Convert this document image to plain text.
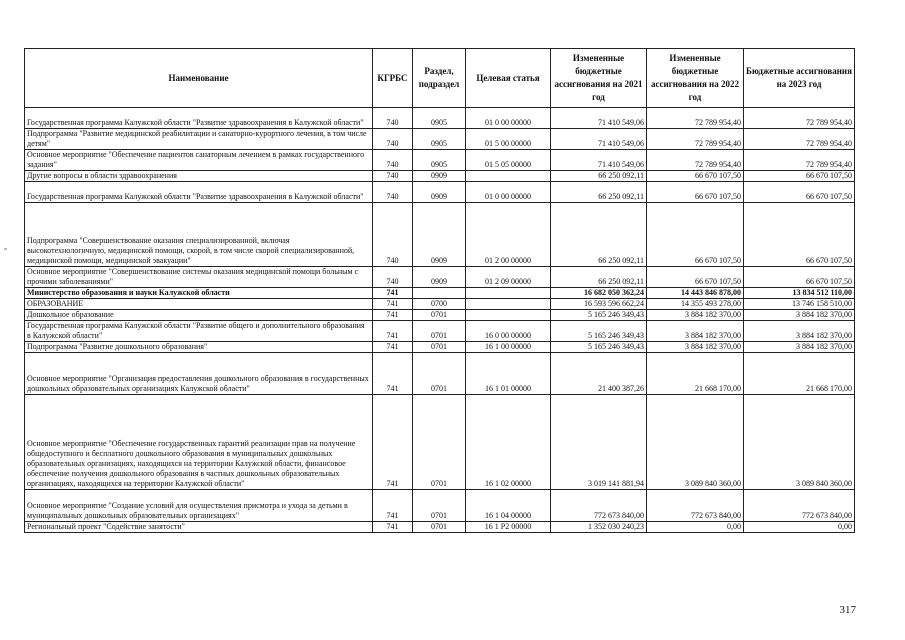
Наименование	КГРБС	Раздел, подраздел	Целевая статья	Измененные бюджетные ассигнования на 2021 год	Измененные бюджетные ассигнования на 2022 год	Бюджетные ассигнования на 2023 год
Государственная программа Калужской области "Развитие здравоохранения в Калужской области"	740	0905	01 0 00 00000	71 410 549,06	72 789 954,40	72 789 954,40
Подпрограмма "Развитие медицинской реабилитации и санаторно-курортного лечения, в том числе детям"	740	0905	01 5 00 00000	71 410 549,06	72 789 954,40	72 789 954,40
Основное мероприятие "Обеспечение пациентов санаторным лечением в рамках государственного задания"	740	0905	01 5 05 00000	71 410 549,06	72 789 954,40	72 789 954,40
Другие вопросы в области здравоохранения	740	0909		66 250 092,11	66 670 107,50	66 670 107,50
Государственная программа Калужской области "Развитие здравоохранения в Калужской области"	740	0909	01 0 00 00000	66 250 092,11	66 670 107,50	66 670 107,50
Подпрограмма "Совершенствование оказания специализированной, включая высокотехнологичную, медицинской помощи, скорой, в том числе скорой специализированной, медицинской помощи, медицинской эвакуации"	740	0909	01 2 00 00000	66 250 092,11	66 670 107,50	66 670 107,50
Основное мероприятие "Совершенствование системы оказания медицинской помощи больным с прочими заболеваниями"	740	0909	01 2 09 00000	66 250 092,11	66 670 107,50	66 670 107,50
Министерство образования и науки Калужской области	741			16 682 050 362,24	14 443 846 878,00	13 834 512 110,00
ОБРАЗОВАНИЕ	741	0700		16 593 596 662,24	14 355 493 278,00	13 746 158 510,00
Дошкольное образование	741	0701		5 165 246 349,43	3 884 182 370,00	3 884 182 370,00
Государственная программа Калужской области "Развитие общего и дополнительного образования в Калужской области"	741	0701	16 0 00 00000	5 165 246 349,43	3 884 182 370,00	3 884 182 370,00
Подпрограмма "Развитие дошкольного образования"	741	0701	16 1 00 00000	5 165 246 349,43	3 884 182 370,00	3 884 182 370,00
Основное мероприятие "Организация предоставления дошкольного образования в государственных дошкольных образовательных организациях Калужской области"	741	0701	16 1 01 00000	21 400 387,26	21 668 170,00	21 668 170,00
Основное мероприятие "Обеспечение государственных гарантий реализации прав на получение общедоступного и бесплатного дошкольного образования в муниципальных дошкольных образовательных организациях, находящихся на территории Калужской области, финансовое обеспечение получения дошкольного образования в частных дошкольных образовательных организациях, находящихся на территории Калужской области"	741	0701	16 1 02 00000	3 019 141 881,94	3 089 840 360,00	3 089 840 360,00
Основное мероприятие "Создание условий для осуществления присмотра и ухода за детьми в муниципальных дошкольных образовательных организациях"	741	0701	16 1 04 00000	772 673 840,00	772 673 840,00	772 673 840,00
Региональный проект "Содействие занятости"	741	0701	16 1 P2 00000	1 352 030 240,23	0,00	0,00
317
